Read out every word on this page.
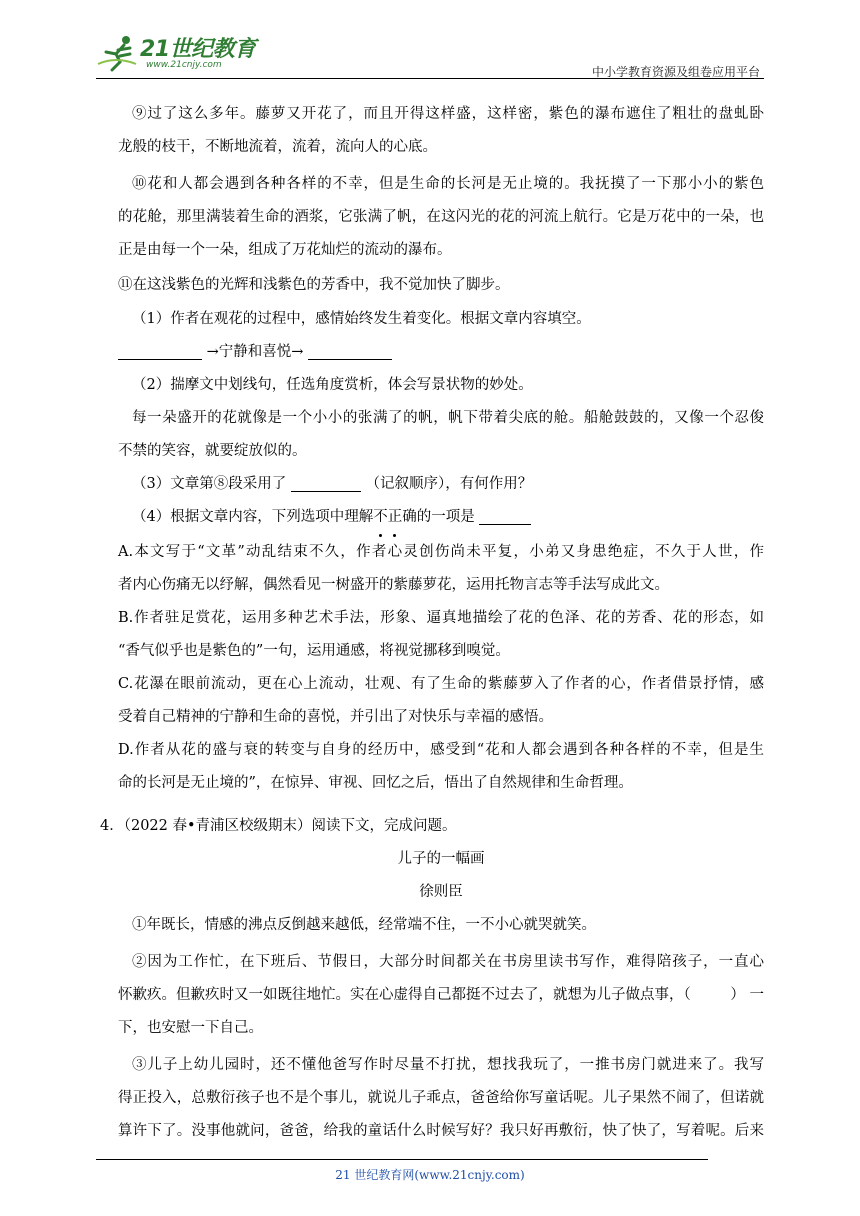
21世纪教育
www.21cnjy.com	中小学教育资源及组卷应用平台
⑨过了这么多年。藤萝又开花了，而且开得这样盛，这样密，紫色的瀑布遮住了粗壮的盘虬卧
龙般的枝干，不断地流着，流着，流向人的心底。
⑩花和人都会遇到各种各样的不幸，但是生命的长河是无止境的。我抚摸了一下那小小的紫色
的花舱，那里满装着生命的酒浆，它张满了帆，在这闪光的花的河流上航行。它是万花中的一朵，也
正是由每一个一朵，组成了万花灿烂的流动的瀑布。
⑪在这浅紫色的光辉和浅紫色的芳香中，我不觉加快了脚步。
（1）作者在观花的过程中，感情始终发生着变化。根据文章内容填空。
→宁静和喜悦→
（2）揣摩文中划线句，任选角度赏析，体会写景状物的妙处。
每一朵盛开的花就像是一个小小的张满了的帆，帆下带着尖底的舱。船舱鼓鼓的，又像一个忍俊
不禁的笑容，就要绽放似的。
（3）文章第⑧段采用了	（记叙顺序），有何作用？
（4）根据文章内容，下列选项中理解不正确的一项是
A.本文写于“文革”动乱结束不久，作者心灵创伤尚未平复，小弟又身患绝症，不久于人世，作
者内心伤痛无以纾解，偶然看见一树盛开的紫藤萝花，运用托物言志等手法写成此文。
B.作者驻足赏花，运用多种艺术手法，形象、逼真地描绘了花的色泽、花的芳香、花的形态，如
“香气似乎也是紫色的”一句，运用通感，将视觉挪移到嗅觉。
C.花瀑在眼前流动，更在心上流动，壮观、有了生命的紫藤萝入了作者的心，作者借景抒情，感
受着自己精神的宁静和生命的喜悦，并引出了对快乐与幸福的感悟。
D.作者从花的盛与衰的转变与自身的经历中，感受到“花和人都会遇到各种各样的不幸，但是生
命的长河是无止境的”，在惊异、审视、回忆之后，悟出了自然规律和生命哲理。
4．（2022 春•青浦区校级期末）阅读下文，完成问题。
儿子的一幅画
徐则臣
①年既长，情感的沸点反倒越来越低，经常端不住，一不小心就哭就笑。
②因为工作忙，在下班后、节假日，大部分时间都关在书房里读书写作，难得陪孩子，一直心
怀歉疚。但歉疚时又一如既往地忙。实在心虚得自己都挺不过去了，就想为儿子做点事，（	） 一
下，也安慰一下自己。
③儿子上幼儿园时，还不懂他爸写作时尽量不打扰，想找我玩了，一推书房门就进来了。我写
得正投入，总敷衍孩子也不是个事儿，就说儿子乖点，爸爸给你写童话呢。儿子果然不闹了，但诺就
算许下了。没事他就问，爸爸，给我的童话什么时候写好？我只好再敷衍，快了快了，写着呢。后来
21 世纪教育网(www.21cnjy.com)
